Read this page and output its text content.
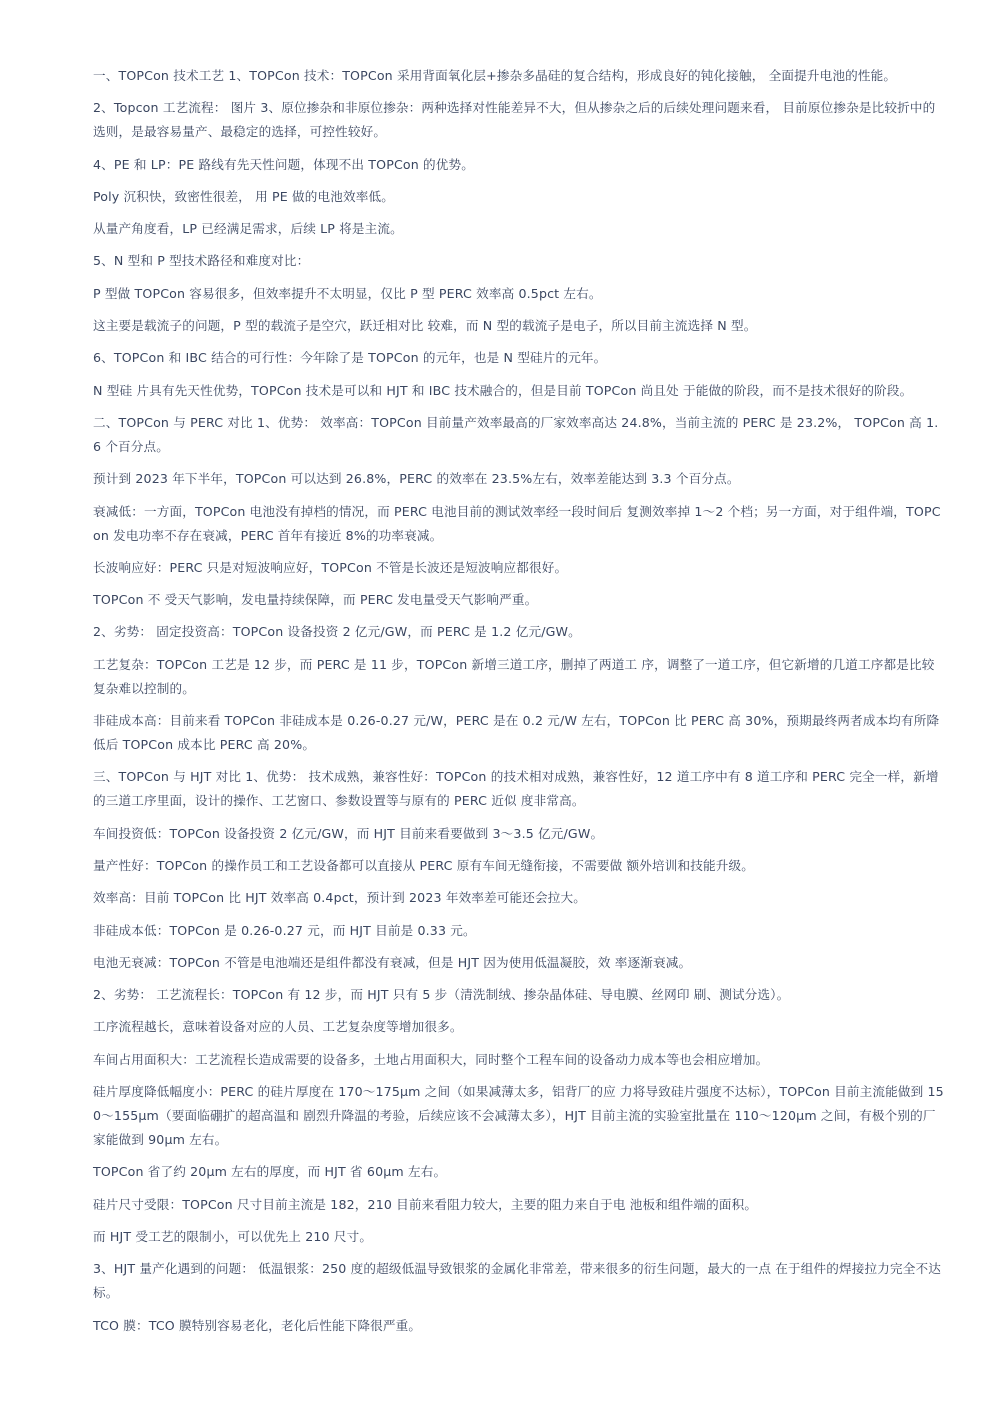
一、TOPCon 技术工艺 1、TOPCon 技术：TOPCon 采用背面氧化层+掺杂多晶硅的复合结构，形成良好的钝化接触， 全面提升电池的性能。

2、Topcon 工艺流程： 图片 3、原位掺杂和非原位掺杂：两种选择对性能差异不大，但从掺杂之后的后续处理问题来看， 目前原位掺杂是比较折中的选则，是最容易量产、最稳定的选择，可控性较好。

4、PE 和 LP：PE 路线有先天性问题，体现不出 TOPCon 的优势。

Poly 沉积快，致密性很差， 用 PE 做的电池效率低。

从量产角度看，LP 已经满足需求，后续 LP 将是主流。

5、N 型和 P 型技术路径和难度对比：

P 型做 TOPCon 容易很多，但效率提升不太明显，仅比 P 型 PERC 效率高 0.5pct 左右。

这主要是载流子的问题，P 型的载流子是空穴，跃迁相对比 较难，而 N 型的载流子是电子，所以目前主流选择 N 型。

6、TOPCon 和 IBC 结合的可行性：今年除了是 TOPCon 的元年，也是 N 型硅片的元年。

N 型硅 片具有先天性优势，TOPCon 技术是可以和 HJT 和 IBC 技术融合的，但是目前 TOPCon 尚且处 于能做的阶段，而不是技术很好的阶段。

二、TOPCon 与 PERC 对比 1、优势： 效率高：TOPCon 目前量产效率最高的厂家效率高达 24.8%，当前主流的 PERC 是 23.2%， TOPCon 高 1.6 个百分点。

预计到 2023 年下半年，TOPCon 可以达到 26.8%，PERC 的效率在 23.5%左右，效率差能达到 3.3 个百分点。

衰减低：一方面，TOPCon 电池没有掉档的情况，而 PERC 电池目前的测试效率经一段时间后 复测效率掉 1～2 个档；另一方面，对于组件端，TOPCon 发电功率不存在衰减，PERC 首年有接近 8%的功率衰减。

长波响应好：PERC 只是对短波响应好，TOPCon 不管是长波还是短波响应都很好。

TOPCon 不 受天气影响，发电量持续保障，而 PERC 发电量受天气影响严重。

2、劣势： 固定投资高：TOPCon 设备投资 2 亿元/GW，而 PERC 是 1.2 亿元/GW。

工艺复杂：TOPCon 工艺是 12 步，而 PERC 是 11 步，TOPCon 新增三道工序，删掉了两道工 序，调整了一道工序，但它新增的几道工序都是比较复杂难以控制的。

非硅成本高：目前来看 TOPCon 非硅成本是 0.26-0.27 元/W，PERC 是在 0.2 元/W 左右，TOPCon 比 PERC 高 30%，预期最终两者成本均有所降低后 TOPCon 成本比 PERC 高 20%。

三、TOPCon 与 HJT 对比 1、优势： 技术成熟，兼容性好：TOPCon 的技术相对成熟，兼容性好，12 道工序中有 8 道工序和 PERC 完全一样，新增的三道工序里面，设计的操作、工艺窗口、参数设置等与原有的 PERC 近似 度非常高。

车间投资低：TOPCon 设备投资 2 亿元/GW，而 HJT 目前来看要做到 3～3.5 亿元/GW。

量产性好：TOPCon 的操作员工和工艺设备都可以直接从 PERC 原有车间无缝衔接，不需要做 额外培训和技能升级。

效率高：目前 TOPCon 比 HJT 效率高 0.4pct，预计到 2023 年效率差可能还会拉大。

非硅成本低：TOPCon 是 0.26-0.27 元，而 HJT 目前是 0.33 元。

电池无衰减：TOPCon 不管是电池端还是组件都没有衰减，但是 HJT 因为使用低温凝胶，效 率逐渐衰减。

2、劣势： 工艺流程长：TOPCon 有 12 步，而 HJT 只有 5 步（清洗制绒、掺杂晶体硅、导电膜、丝网印 刷、测试分选）。

工序流程越长，意味着设备对应的人员、工艺复杂度等增加很多。

车间占用面积大：工艺流程长造成需要的设备多，土地占用面积大，同时整个工程车间的设备动力成本等也会相应增加。

硅片厚度降低幅度小：PERC 的硅片厚度在 170～175μm 之间（如果减薄太多，铝背厂的应 力将导致硅片强度不达标），TOPCon 目前主流能做到 150～155μm（要面临硼扩的超高温和 剧烈升降温的考验，后续应该不会减薄太多），HJT 目前主流的实验室批量在 110～120μm 之间，有极个别的厂家能做到 90μm 左右。

TOPCon 省了约 20μm 左右的厚度，而 HJT 省 60μm 左右。

硅片尺寸受限：TOPCon 尺寸目前主流是 182，210 目前来看阻力较大，主要的阻力来自于电 池板和组件端的面积。

而 HJT 受工艺的限制小，可以优先上 210 尺寸。

3、HJT 量产化遇到的问题： 低温银浆：250 度的超级低温导致银浆的金属化非常差，带来很多的衍生问题，最大的一点 在于组件的焊接拉力完全不达标。

TCO 膜：TCO 膜特别容易老化，老化后性能下降很严重。
